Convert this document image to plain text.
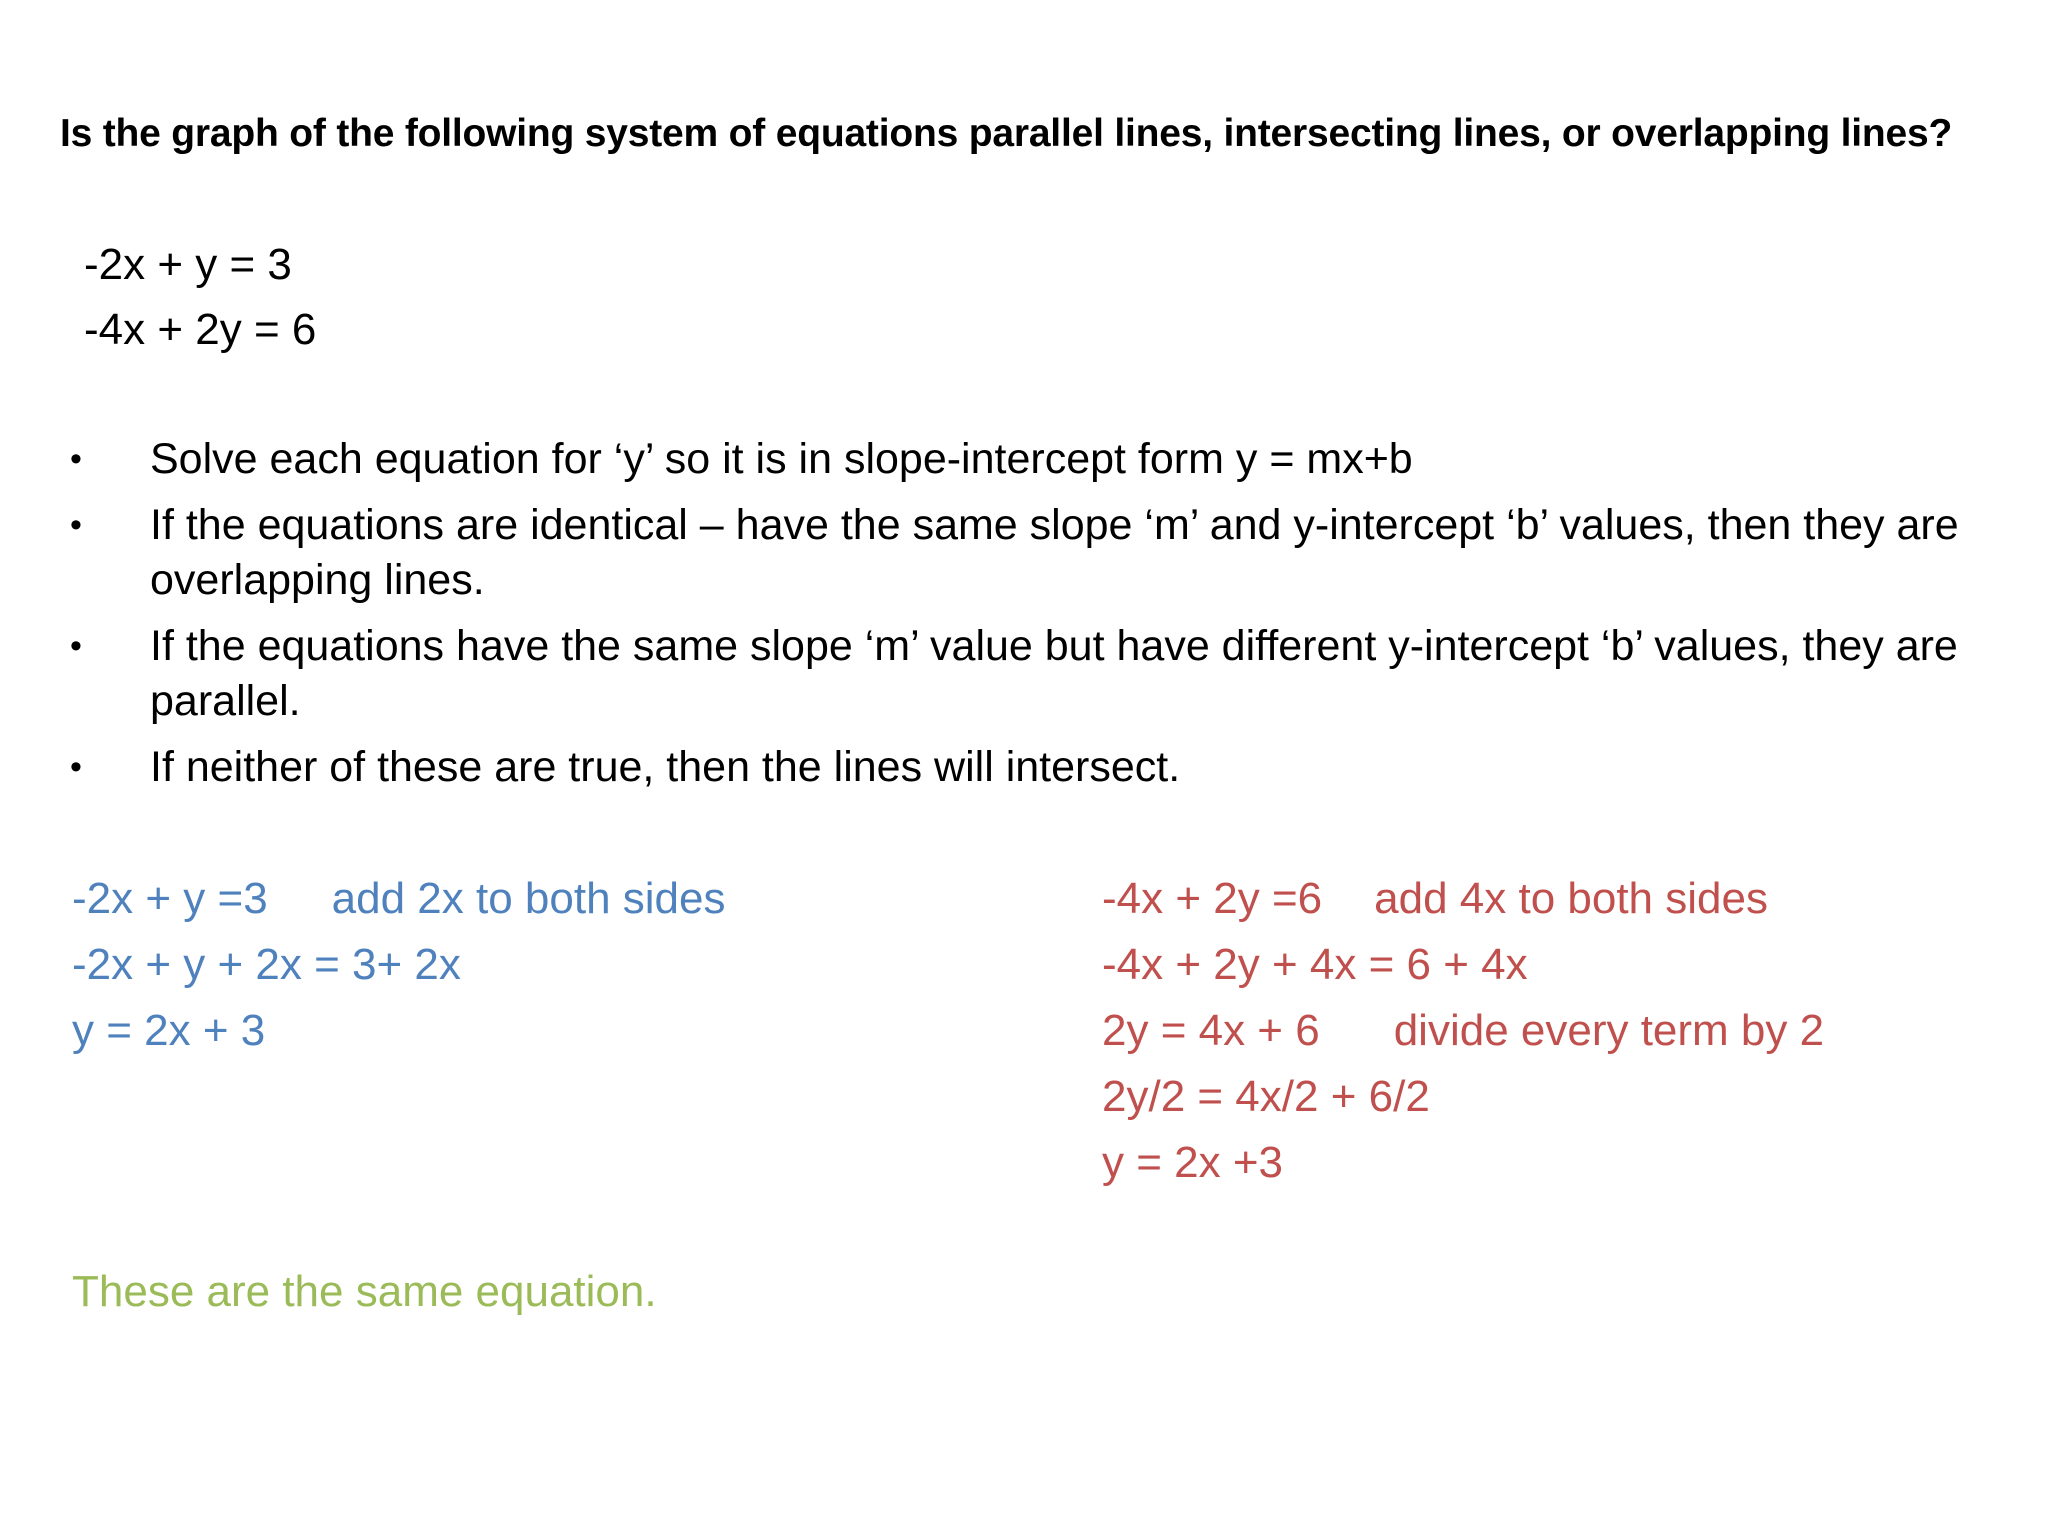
Is the graph of the following system of equations parallel lines, intersecting lines, or overlapping lines?
-2x + y = 3
-4x + 2y = 6
•	Solve each equation for ‘y’ so it is in slope-intercept form y = mx+b
•	If the equations are identical – have the same slope ‘m’ and y-intercept ‘b’ values, then they are overlapping lines.
•	If the equations have the same slope ‘m’ value but have different y-intercept ‘b’ values, they are parallel.
•	If neither of these are true, then the lines will intersect.
-2x + y =3 add 2x to both sides
-2x + y + 2x = 3+ 2x
y = 2x + 3
-4x + 2y =6 add 4x to both sides
-4x + 2y + 4x = 6 + 4x
2y = 4x + 6 divide every term by 2
2y/2 = 4x/2 + 6/2
y = 2x +3
These are the same equation.
